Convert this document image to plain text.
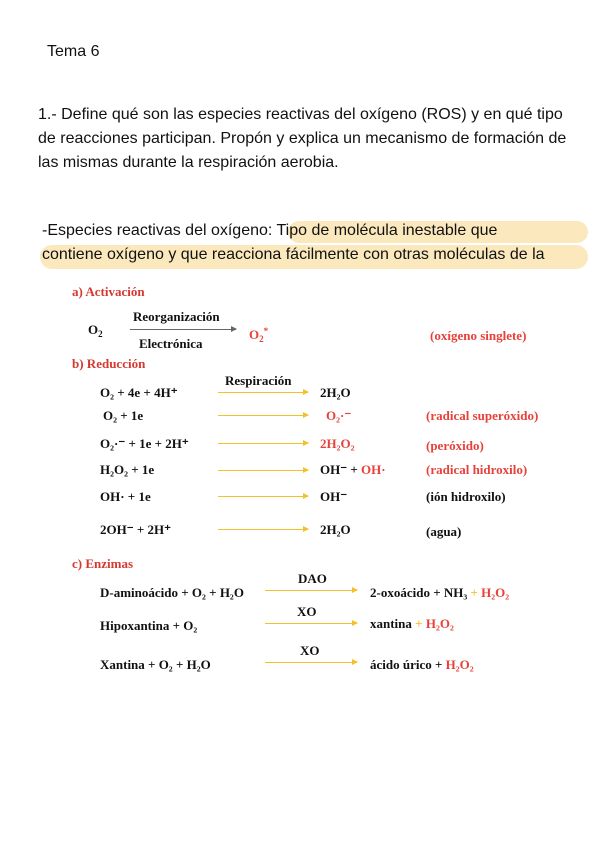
Tema 6
1.- Define qué son las especies reactivas del oxígeno (ROS) y en qué tipo de reacciones participan. Propón y explica un mecanismo de formación de las mismas durante la respiración aerobia.
-Especies reactivas del oxígeno: Tipo de molécula inestable que
contiene oxígeno y que reacciona fácilmente con otras moléculas de la
a) Activación
$O_2$
Reorganización
Electrónica
$O_2^*$	(oxígeno singlete)
b) Reducción
Respiración
O₂ + 4e + 4H⁺	2H₂O
O₂ + 1e	O₂·⁻	(radical superóxido)
O₂·⁻ + 1e + 2H⁺	2H₂O₂	(peróxido)
H₂O₂ + 1e	OH⁻ + OH·	(radical hidroxilo)
OH· + 1e	OH⁻	(ión hidroxilo)
2OH⁻ + 2H⁺	2H₂O	(agua)
c) Enzimas
D-aminoácido + O₂ + H₂O
DAO
2-oxoácido + NH₃ + H₂O₂
Hipoxantina + O₂
XO
xantina + H₂O₂
Xantina + O₂ + H₂O
XO
ácido úrico + H₂O₂
